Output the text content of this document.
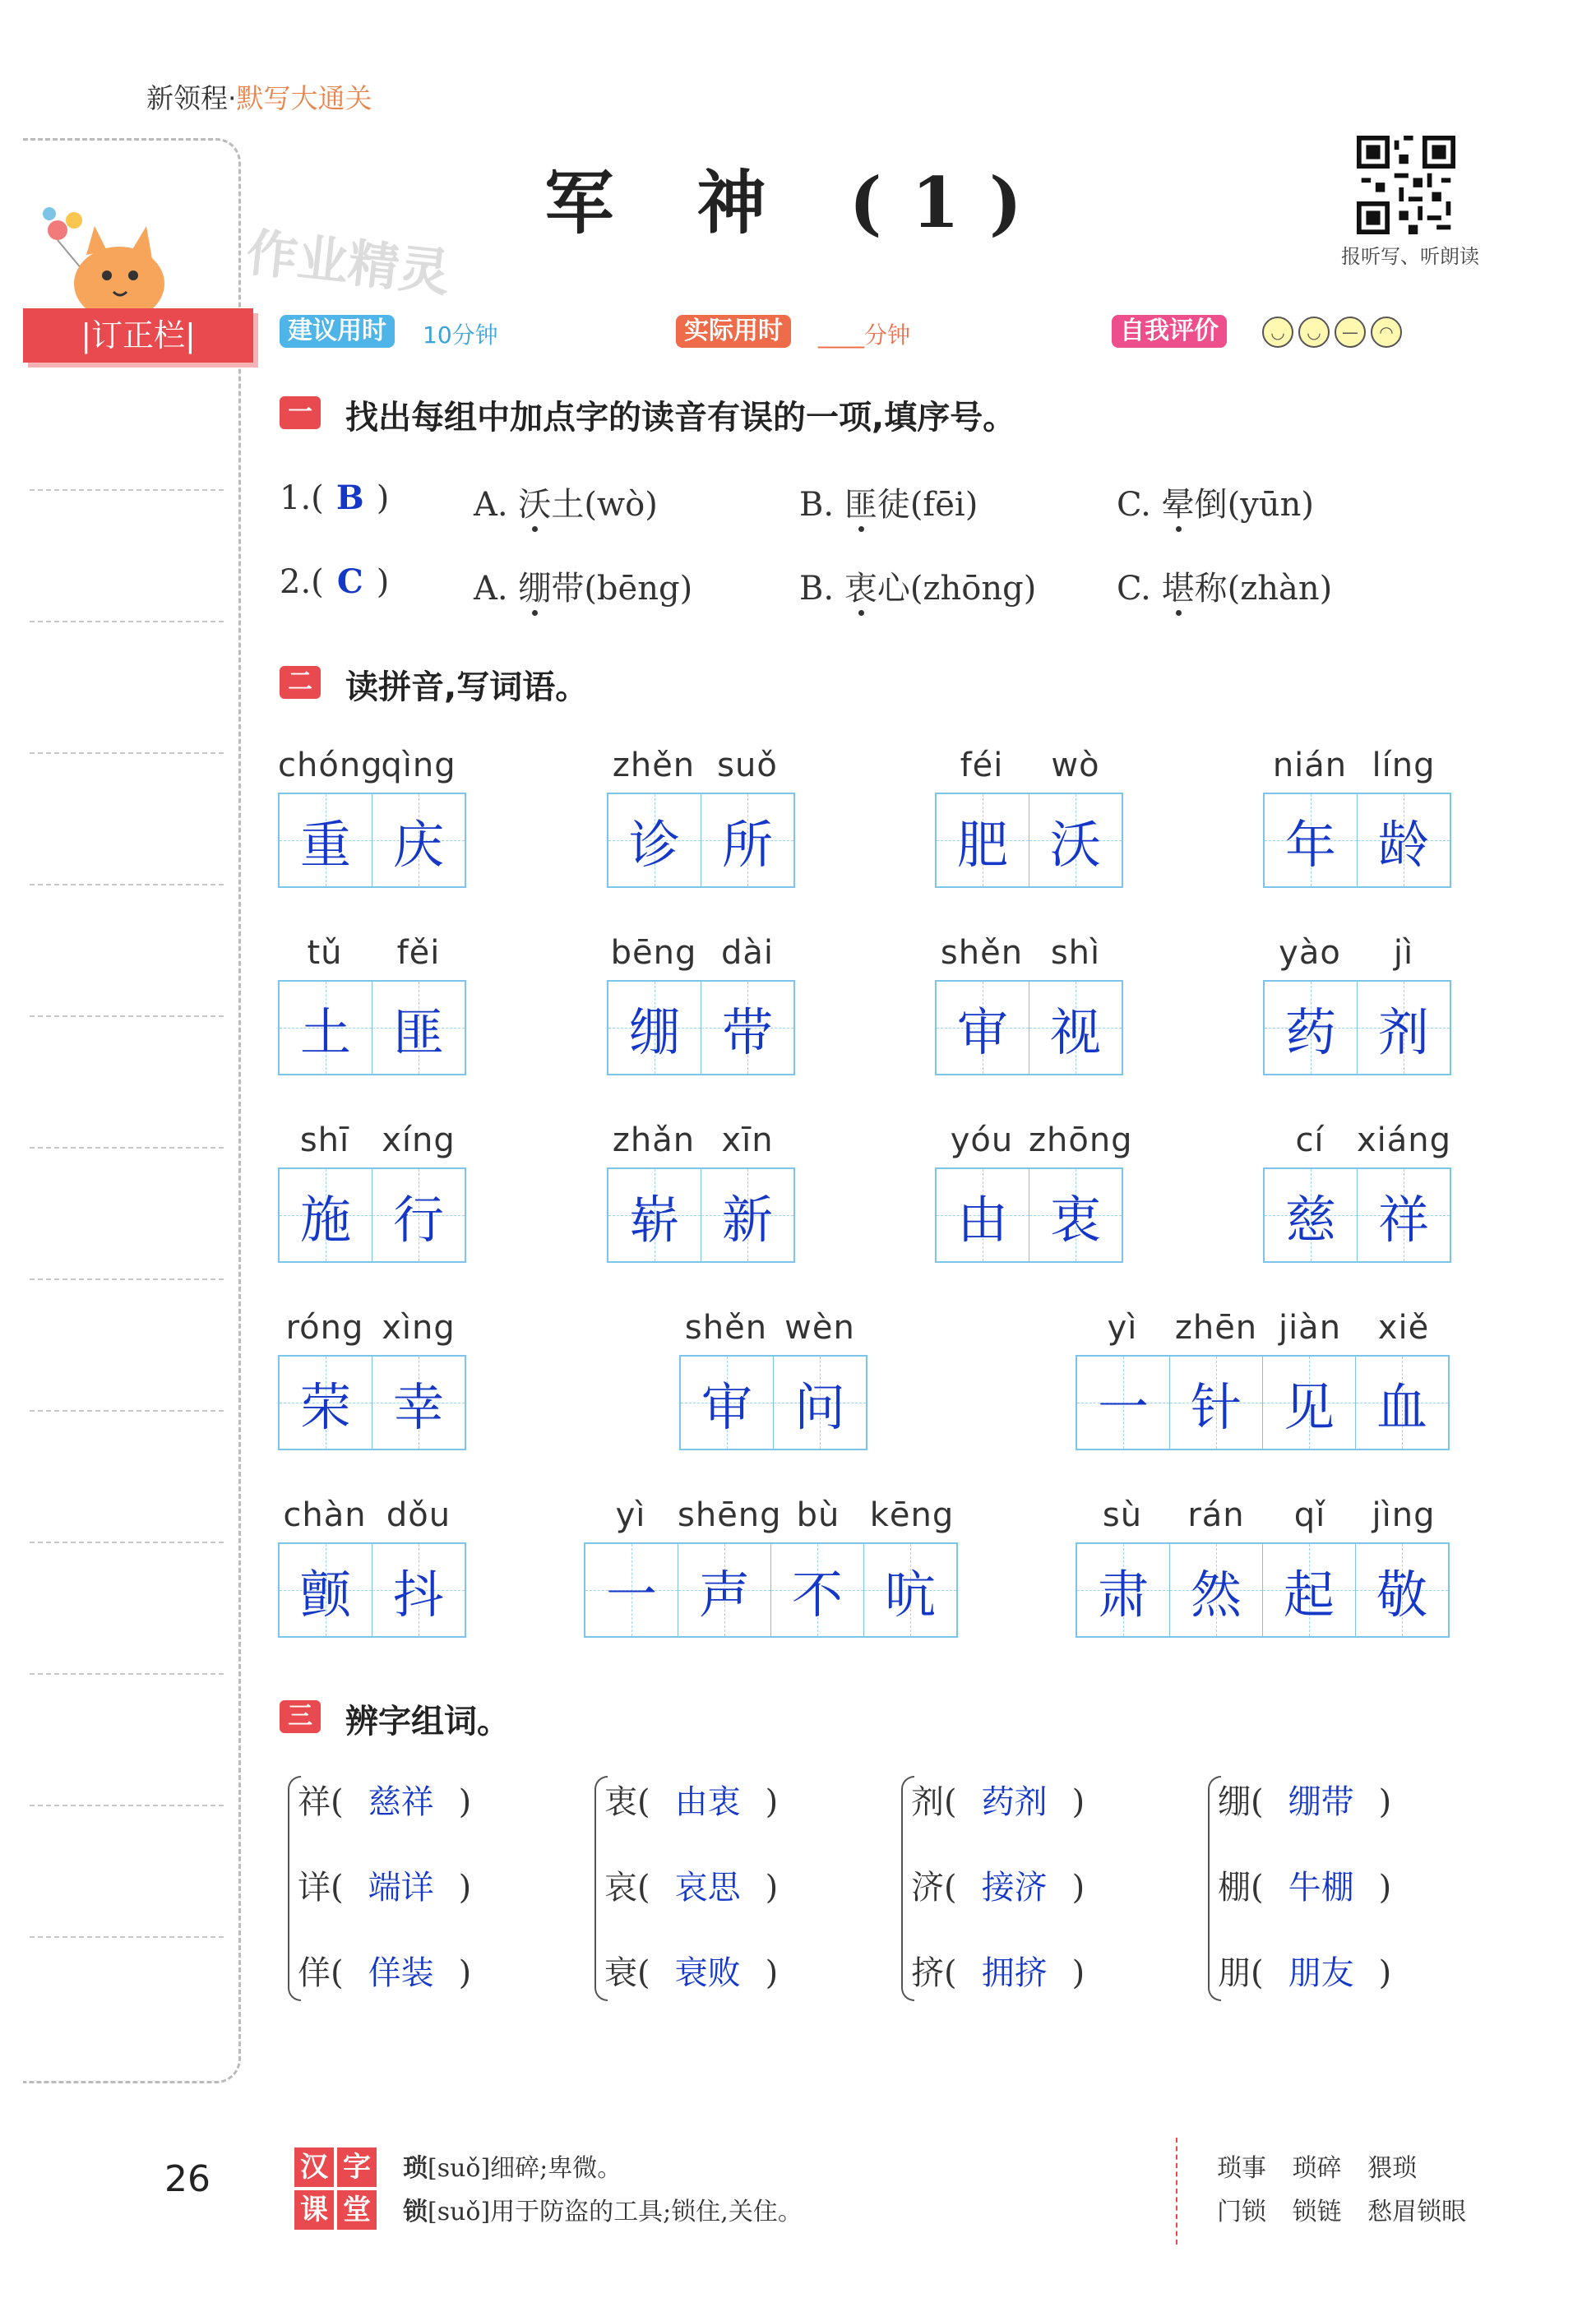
新领程·默写大通关
军 神 (1)
报听写、听朗读
作业精灵
|订正栏|	建议用时	10分钟	实际用时	____分钟	自我评价	◡	◡	—	◠
一 找出每组中加点字的读音有误的一项,填序号。
1.( B )	A. 沃土(wò)	B. 匪徒(fēi)	C. 晕倒(yūn)
2.( C )	A. 绷带(bēng)	B. 衷心(zhōng) C. 堪称(zhàn)
二 读拼音,写词语。
chóng
qìng
重 庆
zhěn suǒ
诊 所
féi	wò
肥 沃
nián líng
年 龄
tǔ	fěi
土 匪
bēng dài
绷 带
shěn shì
审 视
yào	jì
药 剂
shī xíng
施 行
zhǎn xīn
崭 新
yóu zhōng
由 衷
cí xiáng
慈 祥
róng xìng
荣 幸
shěn wèn
审 问
yì	zhēn jiàn	xiě
一 针 见 血
chàn dǒu
颤 抖
yì shēng bù kēng
一 声 不 吭
sù	rán	qǐ	jìng
肃 然 起 敬
三 辨字组词。
祥( 慈祥 )
详( 端详 )
佯( 佯装 )
衷( 由衷 )
哀( 哀思 )
衰( 衰败 )
剂( 药剂 )
济( 接济 )
挤( 拥挤 )
绷( 绷带 )
棚( 牛棚 )
朋( 朋友 )
26	汉 字
课 堂
琐[suǒ]细碎;卑微。
锁[suǒ]用于防盗的工具;锁住,关住。
琐事 琐碎 猥琐
门锁 锁链 愁眉锁眼
